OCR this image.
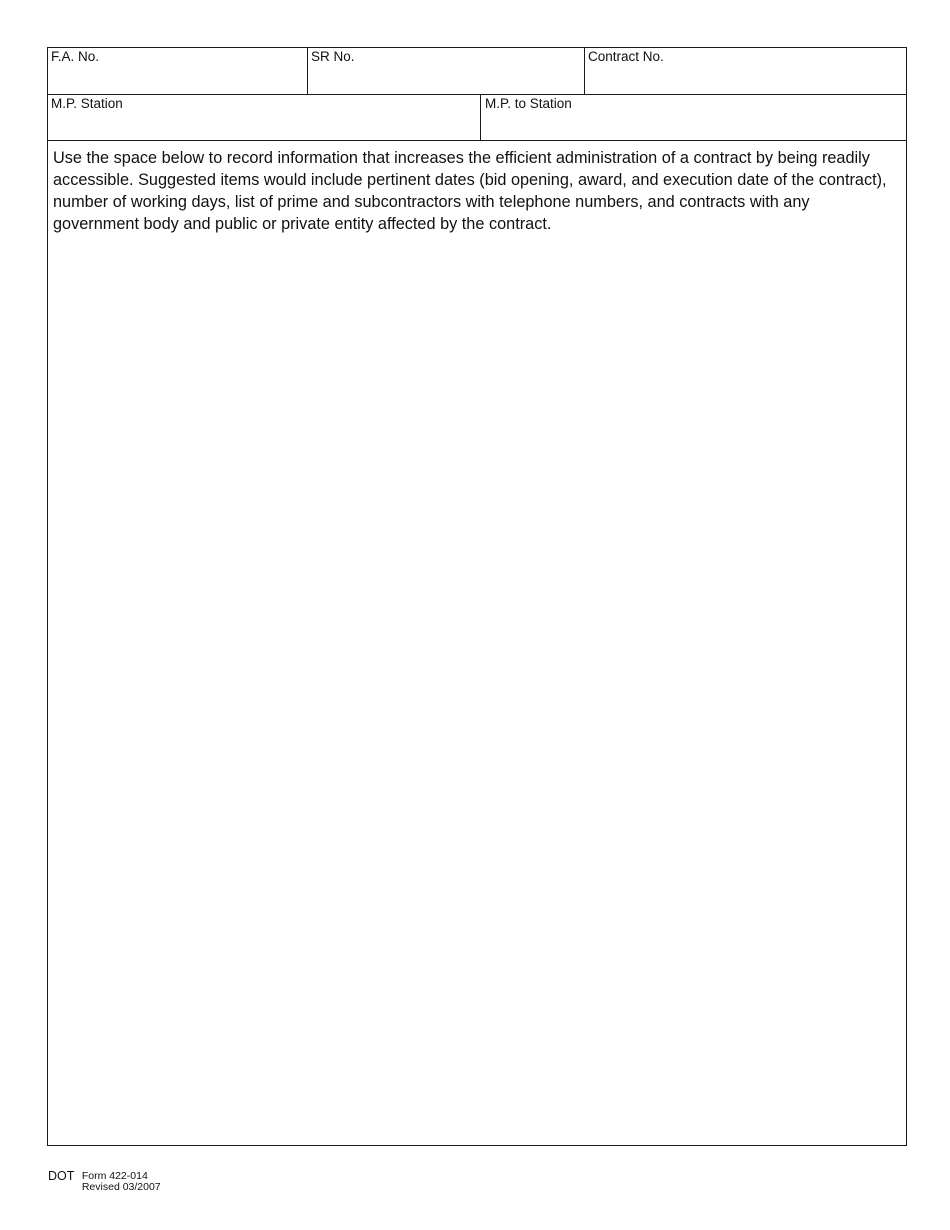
F.A. No.	SR No.	Contract No.
M.P. Station	M.P. to Station
Use the space below to record information that increases the efficient administration of a contract by being readily accessible. Suggested items would include pertinent dates (bid opening, award, and execution date of the contract), number of working days, list of prime and subcontractors with telephone numbers, and contracts with any government body and public or private entity affected by the contract.
$^{DOT}$ Form 422-014
Revised 03/2007
